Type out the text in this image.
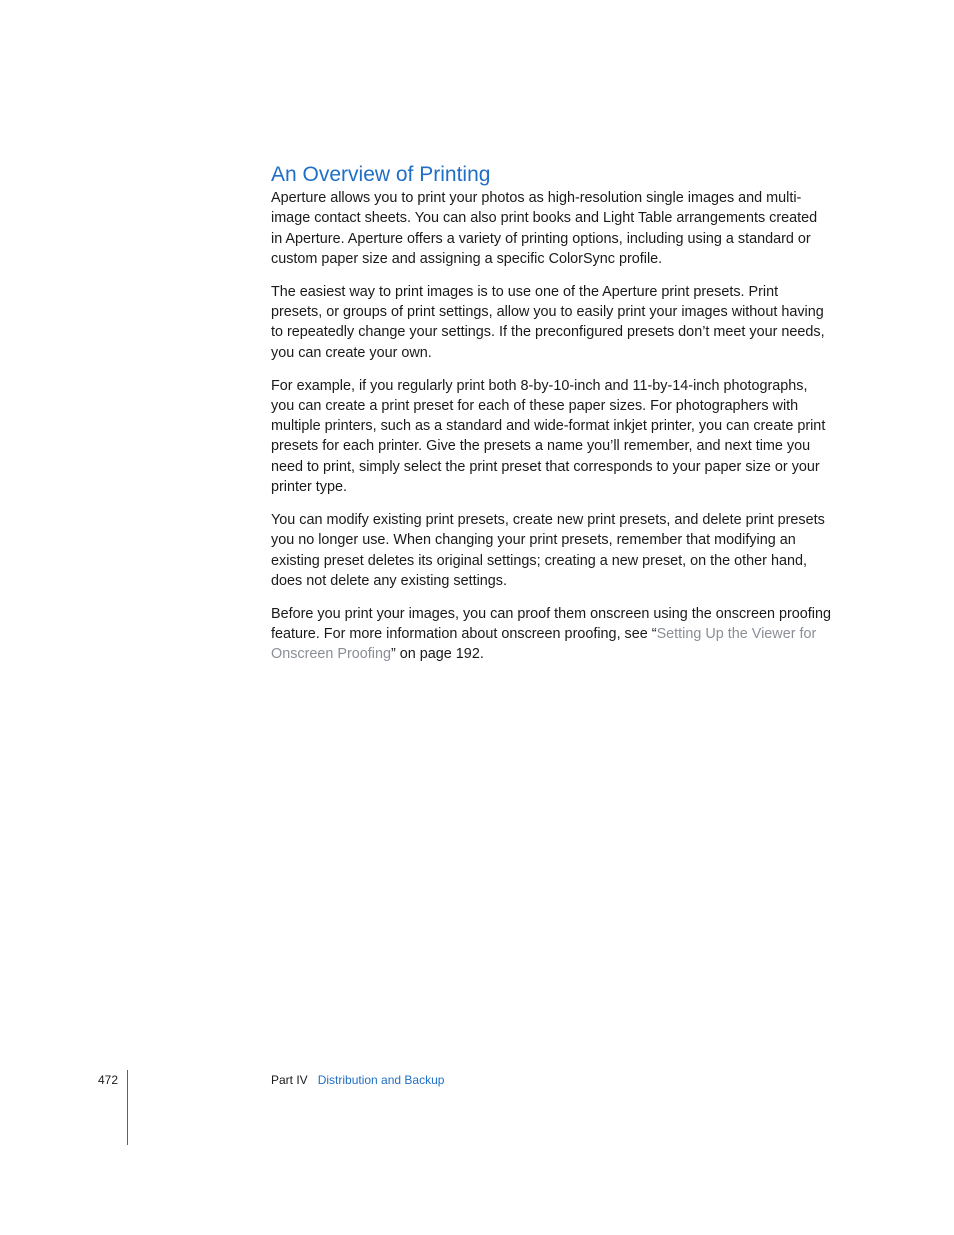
An Overview of Printing

Aperture allows you to print your photos as high-resolution single images and multi-image contact sheets. You can also print books and Light Table arrangements created in Aperture. Aperture offers a variety of printing options, including using a standard or custom paper size and assigning a specific ColorSync profile.

The easiest way to print images is to use one of the Aperture print presets. Print presets, or groups of print settings, allow you to easily print your images without having to repeatedly change your settings. If the preconfigured presets don’t meet your needs, you can create your own.

For example, if you regularly print both 8-by-10-inch and 11-by-14-inch photographs, you can create a print preset for each of these paper sizes. For photographers with multiple printers, such as a standard and wide-format inkjet printer, you can create print presets for each printer. Give the presets a name you’ll remember, and next time you need to print, simply select the print preset that corresponds to your paper size or your printer type.

You can modify existing print presets, create new print presets, and delete print presets you no longer use. When changing your print presets, remember that modifying an existing preset deletes its original settings; creating a new preset, on the other hand, does not delete any existing settings.

Before you print your images, you can proof them onscreen using the onscreen proofing feature. For more information about onscreen proofing, see “Setting Up the Viewer for Onscreen Proofing” on page 192.

472	Part IV Distribution and Backup
